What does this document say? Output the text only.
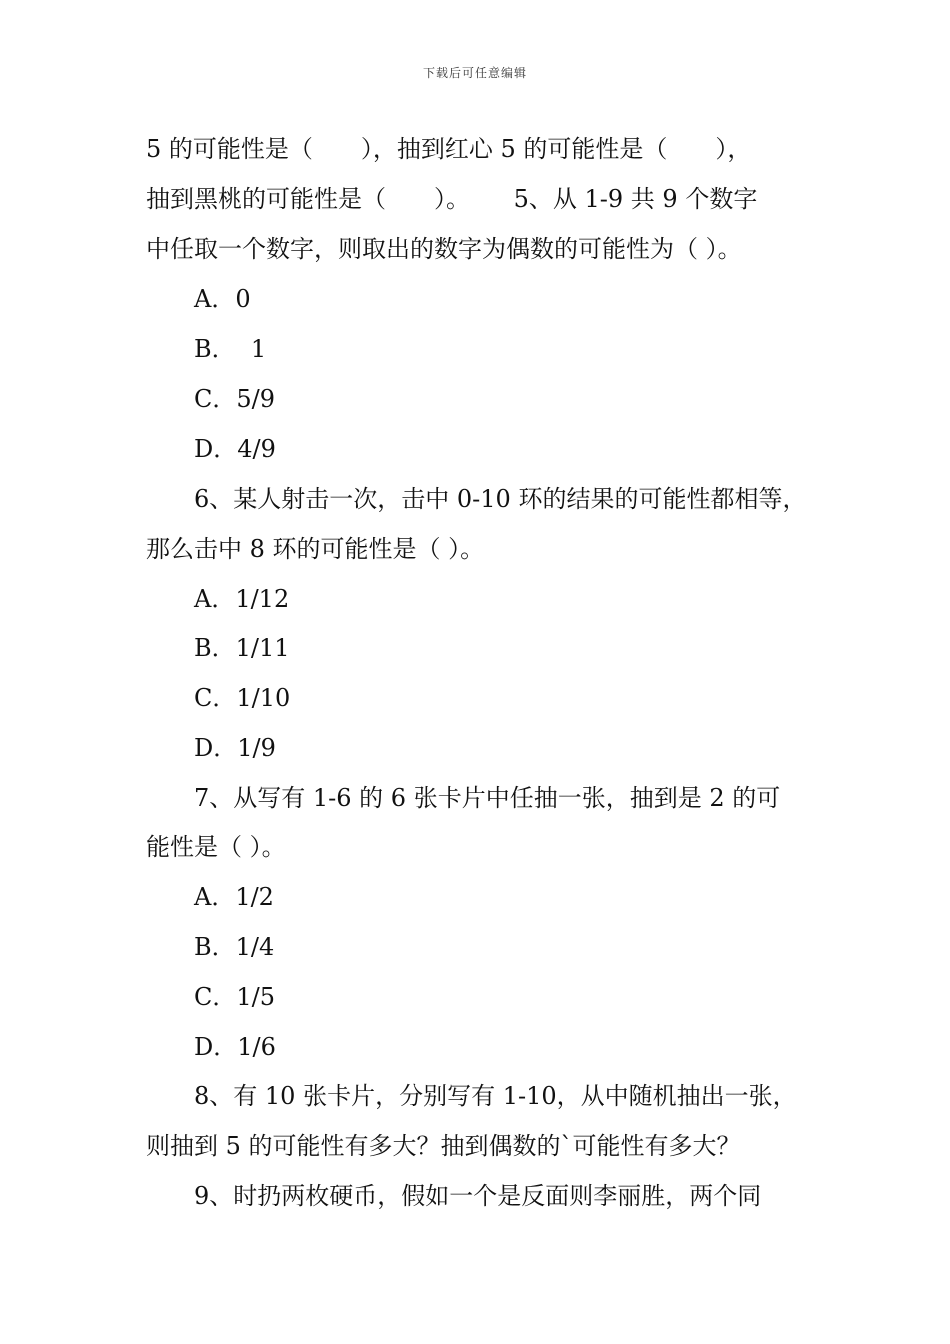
下载后可任意编辑
5 的可能性是（　　），抽到红心 5 的可能性是（　　），
抽到黑桃的可能性是（　　）。　　 5、从 1-9 共 9 个数字
中任取一个数字，则取出的数字为偶数的可能性为（ ）。
A．0
B．  1
C．5/9
D．4/9
6、某人射击一次，击中 0-10 环的结果的可能性都相等，
那么击中 8 环的可能性是（ ）。
A．1/12
B．1/11
C．1/10
D．1/9
7、从写有 1-6 的 6 张卡片中任抽一张，抽到是 2 的可
能性是（ ）。
A．1/2
B．1/4
C．1/5
D．1/6
8、有 10 张卡片，分别写有 1-10，从中随机抽出一张，
则抽到 5 的可能性有多大？抽到偶数的`可能性有多大？
9、时扔两枚硬币，假如一个是反面则李丽胜，两个同
